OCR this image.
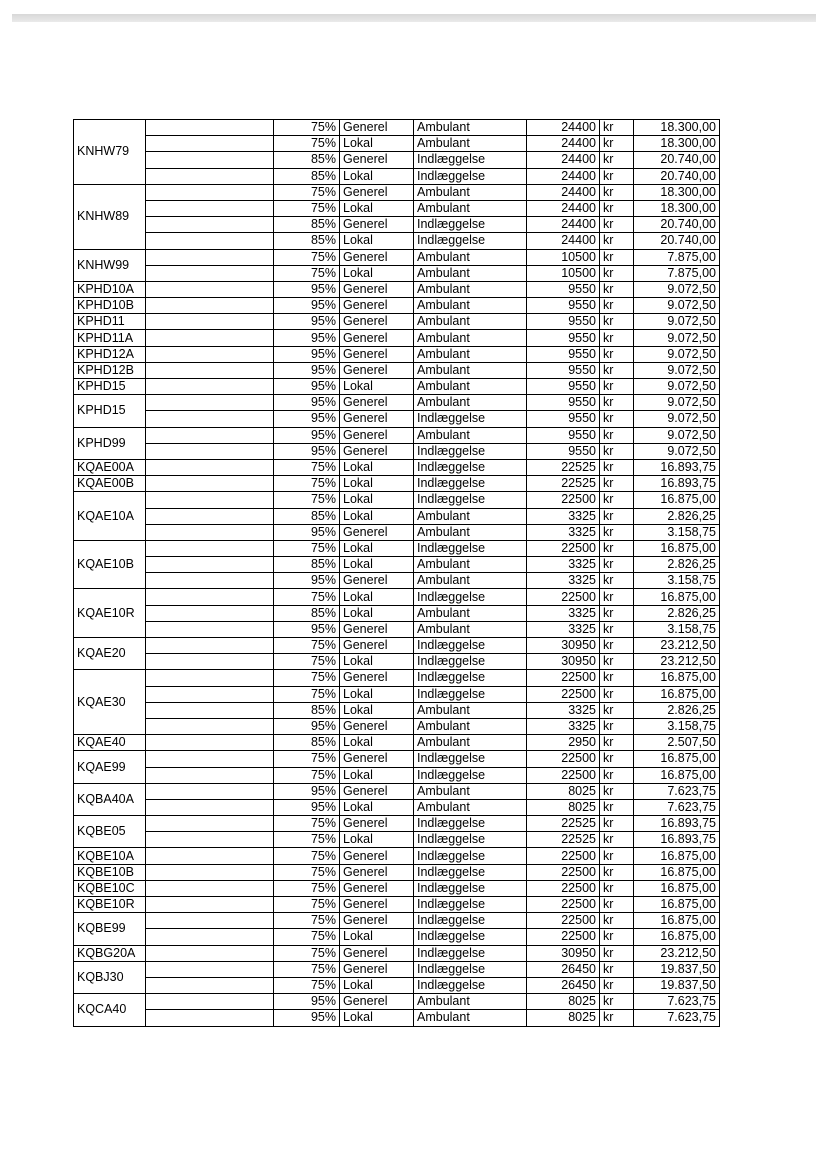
KNHW79		75%	Generel	Ambulant	24400	kr	18.300,00
		75%	Lokal	Ambulant	24400	kr	18.300,00
		85%	Generel	Indlæggelse	24400	kr	20.740,00
		85%	Lokal	Indlæggelse	24400	kr	20.740,00
KNHW89		75%	Generel	Ambulant	24400	kr	18.300,00
		75%	Lokal	Ambulant	24400	kr	18.300,00
		85%	Generel	Indlæggelse	24400	kr	20.740,00
		85%	Lokal	Indlæggelse	24400	kr	20.740,00
KNHW99		75%	Generel	Ambulant	10500	kr	7.875,00
		75%	Lokal	Ambulant	10500	kr	7.875,00
KPHD10A		95%	Generel	Ambulant	9550	kr	9.072,50
KPHD10B		95%	Generel	Ambulant	9550	kr	9.072,50
KPHD11		95%	Generel	Ambulant	9550	kr	9.072,50
KPHD11A		95%	Generel	Ambulant	9550	kr	9.072,50
KPHD12A		95%	Generel	Ambulant	9550	kr	9.072,50
KPHD12B		95%	Generel	Ambulant	9550	kr	9.072,50
KPHD15		95%	Lokal	Ambulant	9550	kr	9.072,50
KPHD15		95%	Generel	Ambulant	9550	kr	9.072,50
		95%	Generel	Indlæggelse	9550	kr	9.072,50
KPHD99		95%	Generel	Ambulant	9550	kr	9.072,50
		95%	Generel	Indlæggelse	9550	kr	9.072,50
KQAE00A		75%	Lokal	Indlæggelse	22525	kr	16.893,75
KQAE00B		75%	Lokal	Indlæggelse	22525	kr	16.893,75
KQAE10A		75%	Lokal	Indlæggelse	22500	kr	16.875,00
		85%	Lokal	Ambulant	3325	kr	2.826,25
		95%	Generel	Ambulant	3325	kr	3.158,75
KQAE10B		75%	Lokal	Indlæggelse	22500	kr	16.875,00
		85%	Lokal	Ambulant	3325	kr	2.826,25
		95%	Generel	Ambulant	3325	kr	3.158,75
KQAE10R		75%	Lokal	Indlæggelse	22500	kr	16.875,00
		85%	Lokal	Ambulant	3325	kr	2.826,25
		95%	Generel	Ambulant	3325	kr	3.158,75
KQAE20		75%	Generel	Indlæggelse	30950	kr	23.212,50
		75%	Lokal	Indlæggelse	30950	kr	23.212,50
KQAE30		75%	Generel	Indlæggelse	22500	kr	16.875,00
		75%	Lokal	Indlæggelse	22500	kr	16.875,00
		85%	Lokal	Ambulant	3325	kr	2.826,25
		95%	Generel	Ambulant	3325	kr	3.158,75
KQAE40		85%	Lokal	Ambulant	2950	kr	2.507,50
KQAE99		75%	Generel	Indlæggelse	22500	kr	16.875,00
		75%	Lokal	Indlæggelse	22500	kr	16.875,00
KQBA40A		95%	Generel	Ambulant	8025	kr	7.623,75
		95%	Lokal	Ambulant	8025	kr	7.623,75
KQBE05		75%	Generel	Indlæggelse	22525	kr	16.893,75
		75%	Lokal	Indlæggelse	22525	kr	16.893,75
KQBE10A		75%	Generel	Indlæggelse	22500	kr	16.875,00
KQBE10B		75%	Generel	Indlæggelse	22500	kr	16.875,00
KQBE10C		75%	Generel	Indlæggelse	22500	kr	16.875,00
KQBE10R		75%	Generel	Indlæggelse	22500	kr	16.875,00
KQBE99		75%	Generel	Indlæggelse	22500	kr	16.875,00
		75%	Lokal	Indlæggelse	22500	kr	16.875,00
KQBG20A		75%	Generel	Indlæggelse	30950	kr	23.212,50
KQBJ30		75%	Generel	Indlæggelse	26450	kr	19.837,50
		75%	Lokal	Indlæggelse	26450	kr	19.837,50
KQCA40		95%	Generel	Ambulant	8025	kr	7.623,75
		95%	Lokal	Ambulant	8025	kr	7.623,75
